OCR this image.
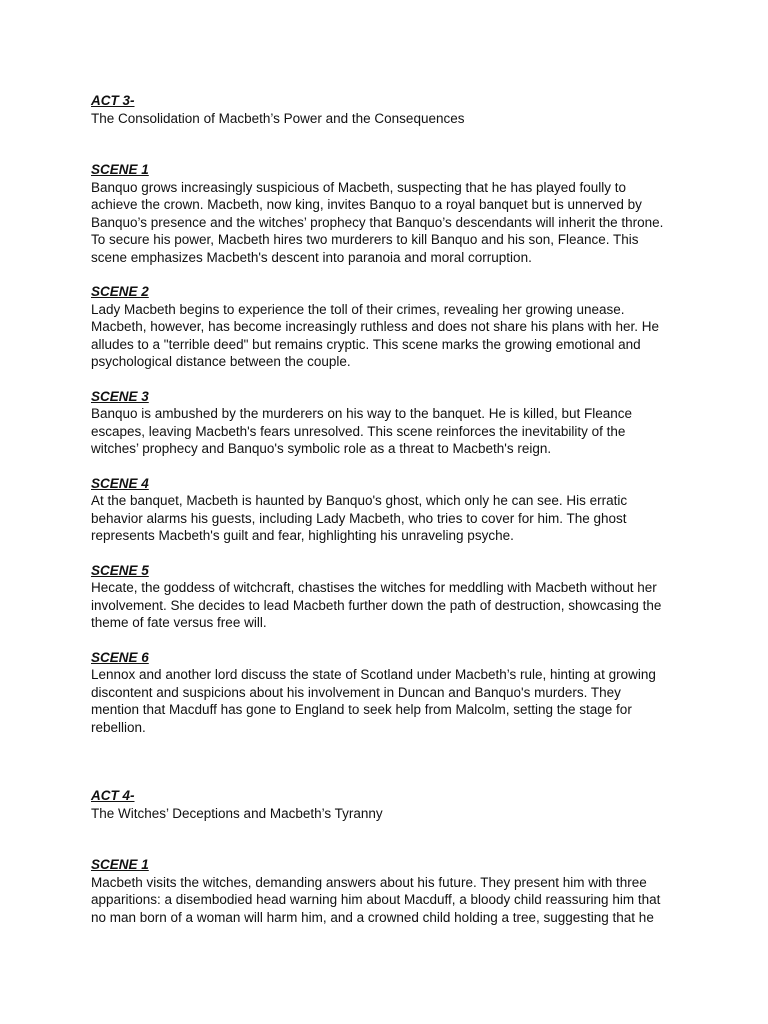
ACT 3-

The Consolidation of Macbeth’s Power and the Consequences

SCENE 1

Banquo grows increasingly suspicious of Macbeth, suspecting that he has played foully to
achieve the crown. Macbeth, now king, invites Banquo to a royal banquet but is unnerved by
Banquo’s presence and the witches’ prophecy that Banquo’s descendants will inherit the throne.
To secure his power, Macbeth hires two murderers to kill Banquo and his son, Fleance. This
scene emphasizes Macbeth's descent into paranoia and moral corruption.

SCENE 2

Lady Macbeth begins to experience the toll of their crimes, revealing her growing unease.
Macbeth, however, has become increasingly ruthless and does not share his plans with her. He
alludes to a "terrible deed" but remains cryptic. This scene marks the growing emotional and
psychological distance between the couple.

SCENE 3

Banquo is ambushed by the murderers on his way to the banquet. He is killed, but Fleance
escapes, leaving Macbeth's fears unresolved. This scene reinforces the inevitability of the
witches’ prophecy and Banquo's symbolic role as a threat to Macbeth's reign.

SCENE 4

At the banquet, Macbeth is haunted by Banquo's ghost, which only he can see. His erratic
behavior alarms his guests, including Lady Macbeth, who tries to cover for him. The ghost
represents Macbeth's guilt and fear, highlighting his unraveling psyche.

SCENE 5

Hecate, the goddess of witchcraft, chastises the witches for meddling with Macbeth without her
involvement. She decides to lead Macbeth further down the path of destruction, showcasing the
theme of fate versus free will.

SCENE 6

Lennox and another lord discuss the state of Scotland under Macbeth’s rule, hinting at growing
discontent and suspicions about his involvement in Duncan and Banquo's murders. They
mention that Macduff has gone to England to seek help from Malcolm, setting the stage for
rebellion.

ACT 4-

The Witches’ Deceptions and Macbeth’s Tyranny

SCENE 1

Macbeth visits the witches, demanding answers about his future. They present him with three
apparitions: a disembodied head warning him about Macduff, a bloody child reassuring him that
no man born of a woman will harm him, and a crowned child holding a tree, suggesting that he
